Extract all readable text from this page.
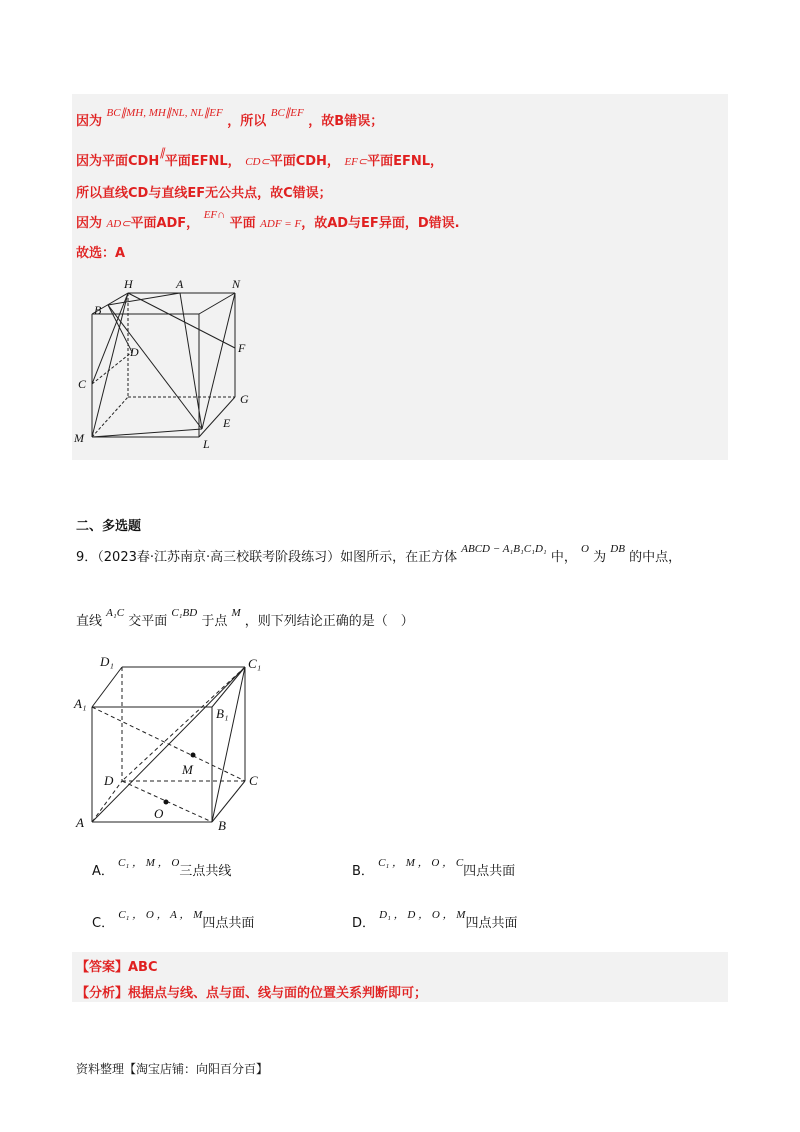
因为 $^{BC\parallel MH, MH\parallel NL, NL\parallel EF}$ ，所以 $^{BC\parallel EF}$ ，故B错误；
因为平面CDH∥平面EFNL， CD⊂平面CDH， EF⊂平面EFNL，
所以直线CD与直线EF无公共点，故C错误；
因为 AD⊂平面ADF， $^{EF\cap}$ 平面 ADF = F，故AD与EF异面，D错误.
故选：A
H	A	N
B
D	F
C
G
E
M	L
二、多选题
9．（2023春·江苏南京·高三校联考阶段练习）如图所示，在正方体 $^{ABCD - A_1B_1C_1D_1}$ 中， $^O$ 为 $^{DB}$ 的中点，
直线 $^{A_1C}$ 交平面 $^{C_1BD}$ 于点 $^M$ ，则下列结论正确的是（　）
D₁	C₁
A₁
B₁
M
D	C
O
A	B
A． $^{C_1 , M , O}$三点共线	B． $^{C_1 , M , O , C}$四点共面
C． $^{C_1 , O , A , M}$四点共面	D． $^{D_1 , D , O , M}$四点共面
【答案】ABC
【分析】根据点与线、点与面、线与面的位置关系判断即可；
资料整理【淘宝店铺：向阳百分百】
